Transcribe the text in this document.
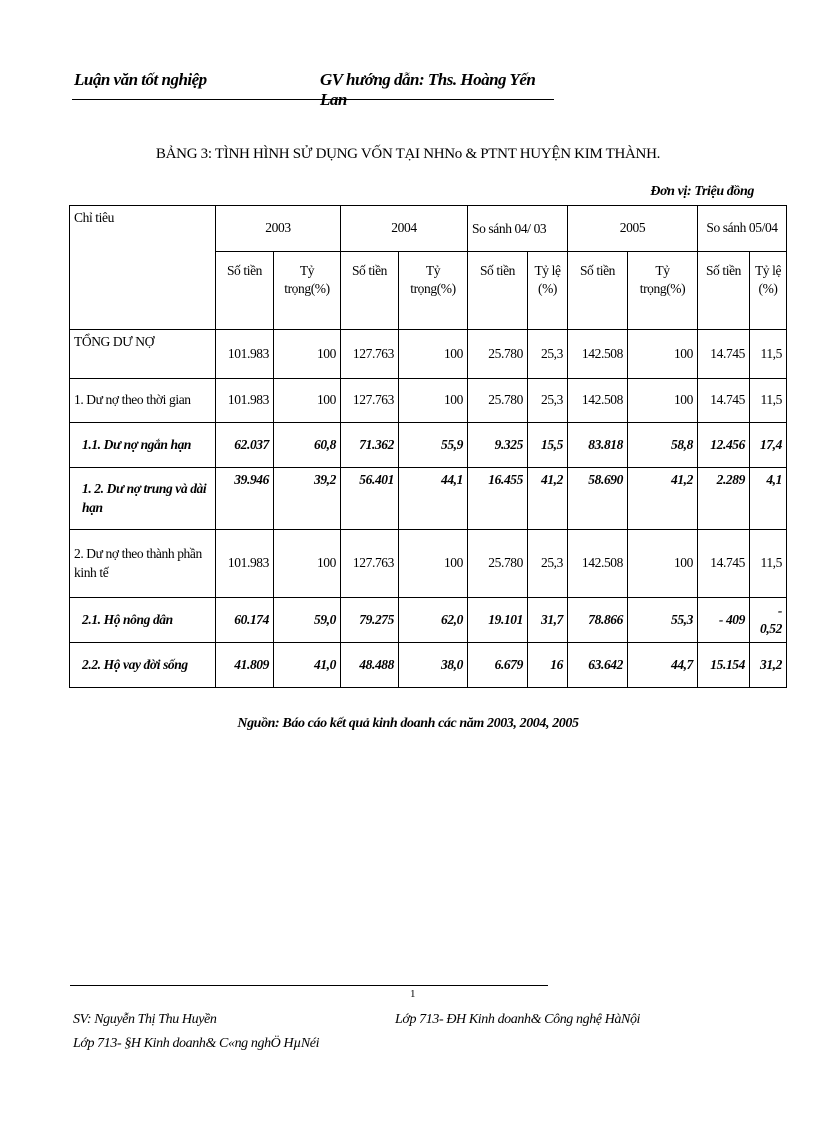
Luận văn tốt nghiệp	GV hướng dẫn: Ths. Hoàng Yến Lan
BẢNG 3: TÌNH HÌNH SỬ DỤNG VỐN TẠI NHNo & PTNT HUYỆN KIM THÀNH.
Đơn vị: Triệu đồng
Chỉ tiêu	2003		2004		So sánh 04/ 03		2005		So sánh 05/04	
	Số tiền	Tỷ trọng(%)	Số tiền	Tỷ trọng(%)	Số tiền	Tỷ lệ (%)	Số tiền	Tỷ trọng(%)	Số tiền	Tỷ lệ (%)
TỔNG DƯ NỢ	101.983	100	127.763	100	25.780	25,3	142.508	100	14.745	11,5
1. Dư nợ theo thời gian	101.983	100	127.763	100	25.780	25,3	142.508	100	14.745	11,5
1.1. Dư nợ ngắn hạn	62.037	60,8	71.362	55,9	9.325	15,5	83.818	58,8	12.456	17,4
1. 2. Dư nợ trung và dài hạn	39.946	39,2	56.401	44,1	16.455	41,2	58.690	41,2	2.289	4,1
2. Dư nợ theo thành phần kinh tế	101.983	100	127.763	100	25.780	25,3	142.508	100	14.745	11,5
2.1. Hộ nông dân	60.174	59,0	79.275	62,0	19.101	31,7	78.866	55,3	- 409	- 0,52
2.2. Hộ vay đời sống	41.809	41,0	48.488	38,0	6.679	16	63.642	44,7	15.154	31,2
Nguồn: Báo cáo kết quả kinh doanh các năm 2003, 2004, 2005
1
SV: Nguyễn Thị Thu Huyền
Lớp 713- §H Kinh doanh& C«ng nghÖ HµNéi
Lớp 713- ĐH Kinh doanh& Công nghệ HàNội
